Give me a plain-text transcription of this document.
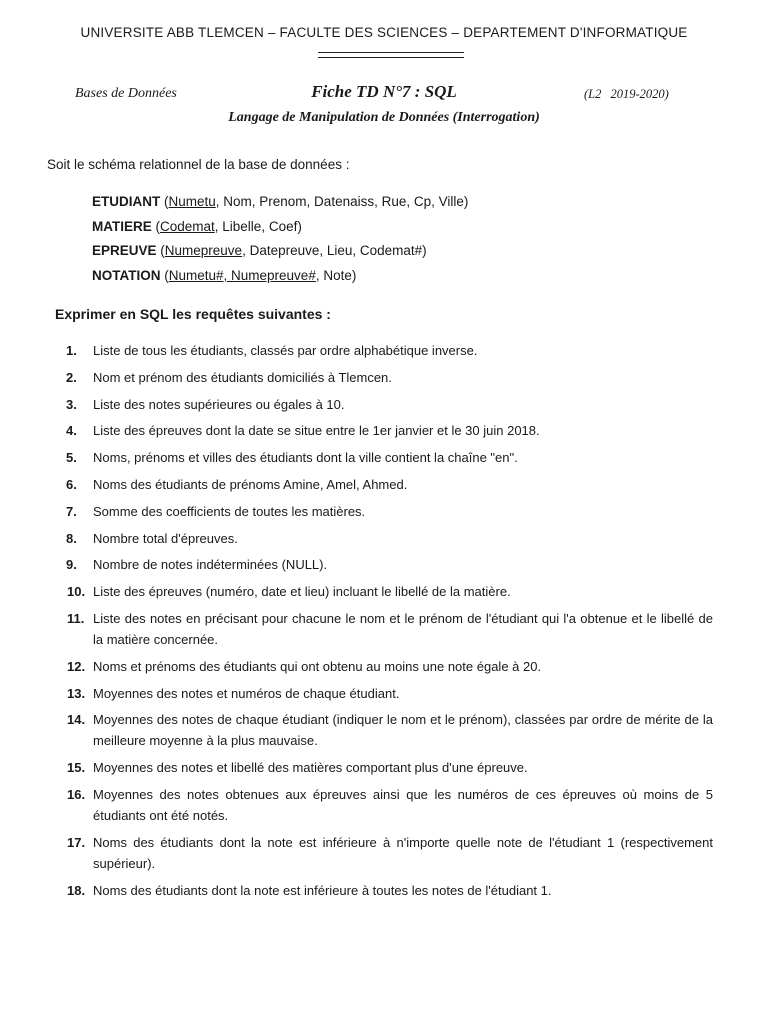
UNIVERSITE ABB TLEMCEN – FACULTE DES SCIENCES – DEPARTEMENT D'INFORMATIQUE
Bases de Données	Fiche TD N°7 : SQL	(L2 2019-2020)
Langage de Manipulation de Données (Interrogation)
Soit le schéma relationnel de la base de données :
ETUDIANT (Numetu, Nom, Prenom, Datenaiss, Rue, Cp, Ville)
MATIERE (Codemat, Libelle, Coef)
EPREUVE (Numepreuve, Datepreuve, Lieu, Codemat#)
NOTATION (Numetu#, Numepreuve#, Note)
Exprimer en SQL les requêtes suivantes :
1. Liste de tous les étudiants, classés par ordre alphabétique inverse.
2. Nom et prénom des étudiants domiciliés à Tlemcen.
3. Liste des notes supérieures ou égales à 10.
4. Liste des épreuves dont la date se situe entre le 1er janvier et le 30 juin 2018.
5. Noms, prénoms et villes des étudiants dont la ville contient la chaîne "en".
6. Noms des étudiants de prénoms Amine, Amel, Ahmed.
7. Somme des coefficients de toutes les matières.
8. Nombre total d'épreuves.
9. Nombre de notes indéterminées (NULL).
10. Liste des épreuves (numéro, date et lieu) incluant le libellé de la matière.
11. Liste des notes en précisant pour chacune le nom et le prénom de l'étudiant qui l'a obtenue et le libellé de la matière concernée.
12. Noms et prénoms des étudiants qui ont obtenu au moins une note égale à 20.
13. Moyennes des notes et numéros de chaque étudiant.
14. Moyennes des notes de chaque étudiant (indiquer le nom et le prénom), classées par ordre de mérite de la meilleure moyenne à la plus mauvaise.
15. Moyennes des notes et libellé des matières comportant plus d'une épreuve.
16. Moyennes des notes obtenues aux épreuves ainsi que les numéros de ces épreuves où moins de 5 étudiants ont été notés.
17. Noms des étudiants dont la note est inférieure à n'importe quelle note de l'étudiant 1 (respectivement supérieur).
18. Noms des étudiants dont la note est inférieure à toutes les notes de l'étudiant 1.
